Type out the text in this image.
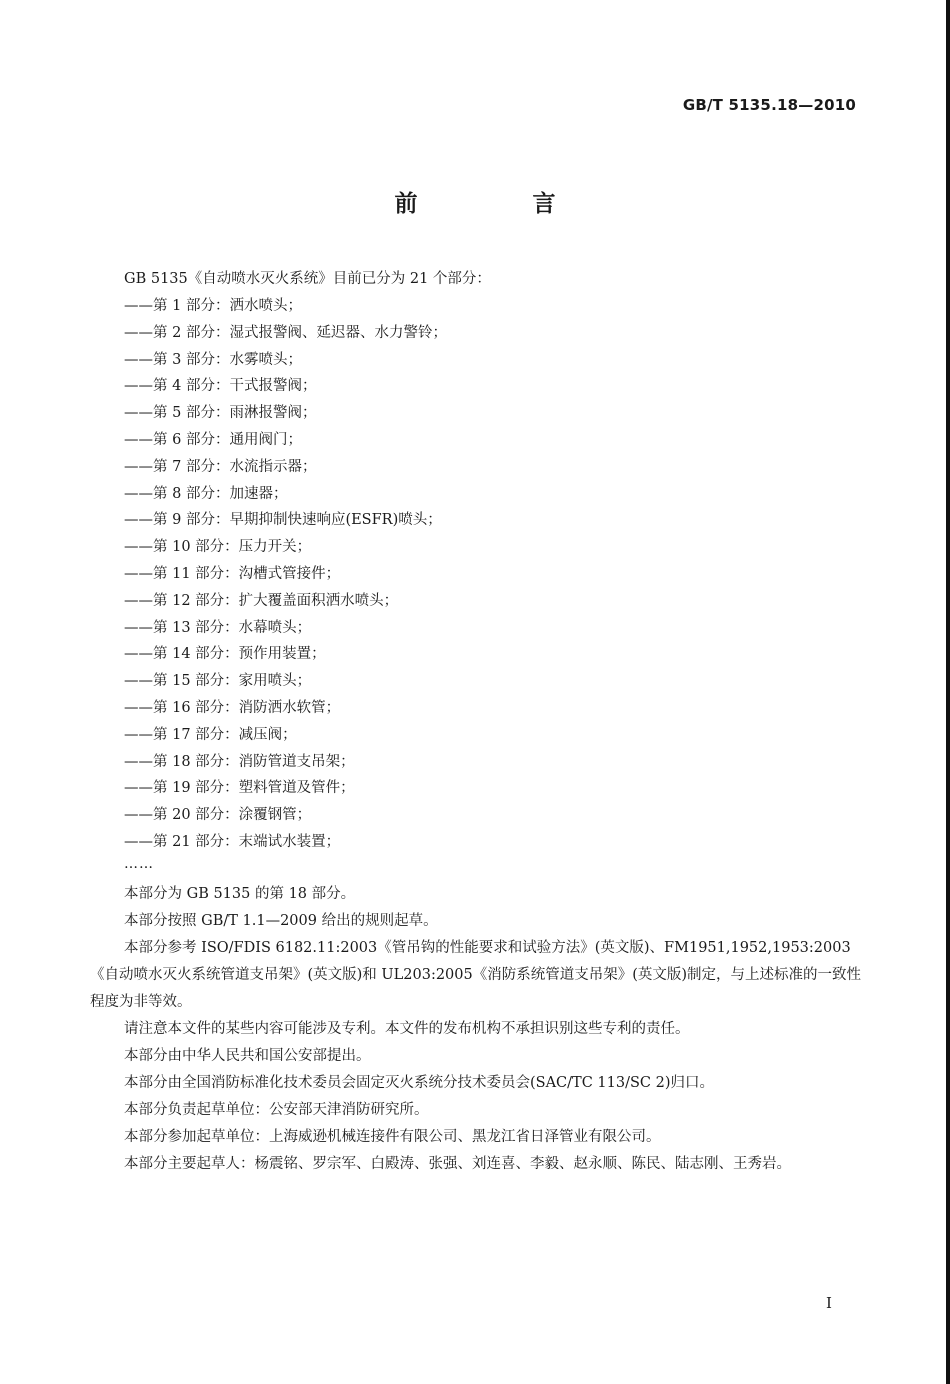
GB/T 5135.18—2010
前　言
GB 5135《自动喷水灭火系统》目前已分为 21 个部分：
——第 1 部分：洒水喷头；
——第 2 部分：湿式报警阀、延迟器、水力警铃；
——第 3 部分：水雾喷头；
——第 4 部分：干式报警阀；
——第 5 部分：雨淋报警阀；
——第 6 部分：通用阀门；
——第 7 部分：水流指示器；
——第 8 部分：加速器；
——第 9 部分：早期抑制快速响应(ESFR)喷头；
——第 10 部分：压力开关；
——第 11 部分：沟槽式管接件；
——第 12 部分：扩大覆盖面积洒水喷头；
——第 13 部分：水幕喷头；
——第 14 部分：预作用装置；
——第 15 部分：家用喷头；
——第 16 部分：消防洒水软管；
——第 17 部分：减压阀；
——第 18 部分：消防管道支吊架；
——第 19 部分：塑料管道及管件；
——第 20 部分：涂覆钢管；
——第 21 部分：末端试水装置；
……

本部分为 GB 5135 的第 18 部分。

本部分按照 GB/T 1.1—2009 给出的规则起草。

本部分参考 ISO/FDIS 6182.11:2003《管吊钩的性能要求和试验方法》(英文版)、FM1951,1952,1953:2003《自动喷水灭火系统管道支吊架》(英文版)和 UL203:2005《消防系统管道支吊架》(英文版)制定，与上述标准的一致性程度为非等效。

请注意本文件的某些内容可能涉及专利。本文件的发布机构不承担识别这些专利的责任。

本部分由中华人民共和国公安部提出。

本部分由全国消防标准化技术委员会固定灭火系统分技术委员会(SAC/TC 113/SC 2)归口。

本部分负责起草单位：公安部天津消防研究所。

本部分参加起草单位：上海威逊机械连接件有限公司、黑龙江省日泽管业有限公司。

本部分主要起草人：杨震铭、罗宗军、白殿涛、张强、刘连喜、李毅、赵永顺、陈民、陆志刚、王秀岩。

I
